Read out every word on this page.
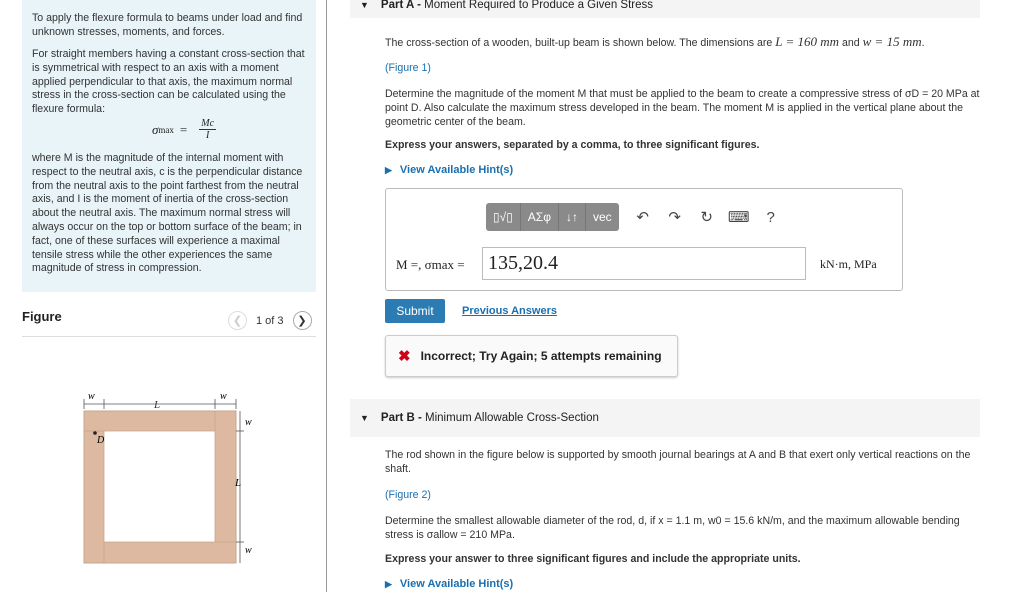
To apply the flexure formula to beams under load and find unknown stresses, moments, and forces.

For straight members having a constant cross-section that is symmetrical with respect to an axis with a moment applied perpendicular to that axis, the maximum normal stress in the cross-section can be calculated using the flexure formula:

σ $\max = \frac{Mc}{I}$

where M is the magnitude of the internal moment with respect to the neutral axis, c is the perpendicular distance from the neutral axis to the point farthest from the neutral axis, and I is the moment of inertia of the cross-section about the neutral axis. The maximum normal stress will always occur on the top or bottom surface of the beam; in fact, one of these surfaces will experience a maximal tensile stress while the other experiences the same magnitude of stress in compression.

Figure	❮	1 of 3	❯
w
L
w
D
w
L
w
▼ Part A -
Moment Required to Produce a Given Stress
The cross-section of a wooden, built-up beam is shown below. The dimensions are L = 160 mm and w = 15 mm.
(Figure 1)
Determine the magnitude of the moment M that must be applied to the beam to create a compressive stress of σD = 20 MPa at point D. Also calculate the maximum stress developed in the beam. The moment M is applied in the vertical plane about the geometric center of the beam.
Express your answers, separated by a comma, to three significant figures.
▶ View Available Hint(s)
▯√▯	ΑΣφ	↓↑	vec	↶	↷	↻ ⌨	?
M =, σmax =	135,20.4	kN·m, MPa
Submit	Previous Answers
✖ Incorrect; Try Again; 5 attempts remaining
▼ Part B -
Minimum Allowable Cross-Section
The rod shown in the figure below is supported by smooth journal bearings at A and B that exert only vertical reactions on the shaft.
(Figure 2)
Determine the smallest allowable diameter of the rod, d, if x = 1.1 m, w0 = 15.6 kN/m, and the maximum allowable bending stress is σallow = 210 MPa.
Express your answer to three significant figures and include the appropriate units.
▶ View Available Hint(s)
